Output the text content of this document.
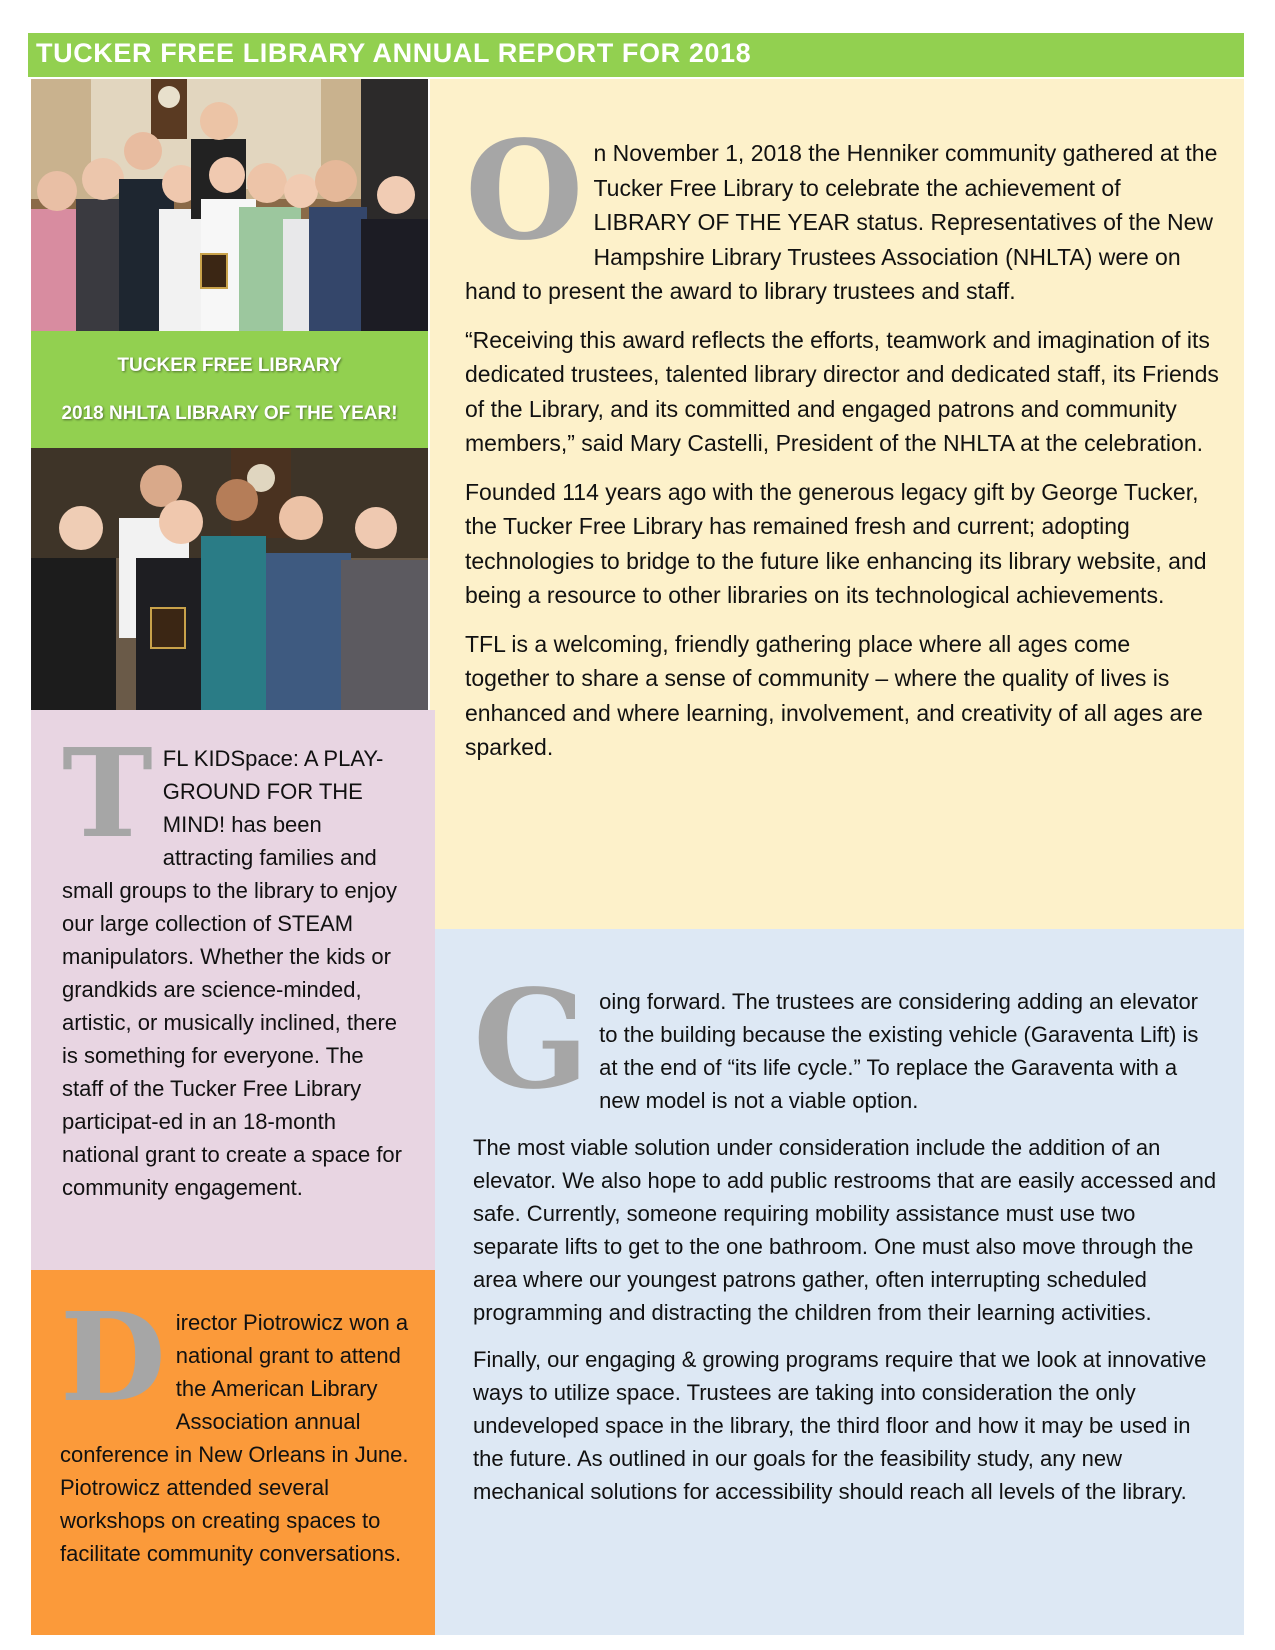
TUCKER FREE LIBRARY ANNUAL REPORT FOR 2018
TUCKER FREE LIBRARY
2018 NHLTA LIBRARY OF THE YEAR!
O n November 1, 2018 the Henniker community gathered at the Tucker Free Library to celebrate the achievement of LIBRARY OF THE YEAR status. Representatives of the New Hampshire Library Trustees Association (NHLTA) were on hand to present the award to library trustees and staff.

“Receiving this award reflects the efforts, teamwork and imagination of its dedicated trustees, talented library director and dedicated staff, its Friends of the Library, and its committed and engaged patrons and community members,” said Mary Castelli, President of the NHLTA at the celebration.

Founded 114 years ago with the generous legacy gift by George Tucker, the Tucker Free Library has remained fresh and current; adopting technologies to bridge to the future like enhancing its library website, and being a resource to other libraries on its technological achievements.

TFL is a welcoming, friendly gathering place where all ages come together to share a sense of community – where the quality of lives is enhanced and where learning, involvement, and creativity of all ages are sparked.

G oing forward. The trustees are considering adding an elevator to the building because the existing vehicle (Garaventa Lift) is at the end of “its life cycle.” To replace the Garaventa with a new model is not a viable option.

The most viable solution under consideration include the addition of an elevator. We also hope to add public restrooms that are easily accessed and safe. Currently, someone requiring mobility assistance must use two separate lifts to get to the one bathroom. One must also move through the area where our youngest patrons gather, often interrupting scheduled programming and distracting the children from their learning activities.

Finally, our engaging & growing programs require that we look at innovative ways to utilize space. Trustees are taking into consideration the only undeveloped space in the library, the third floor and how it may be used in the future. As outlined in our goals for the feasibility study, any new mechanical solutions for accessibility should reach all levels of the library.

T FL KIDSpace: A PLAY-GROUND FOR THE MIND! has been attracting families and small groups to the library to enjoy our large collection of STEAM manipulators. Whether the kids or grandkids are science-minded, artistic, or musically inclined, there is something for everyone. The staff of the Tucker Free Library participat-ed in an 18-month national grant to create a space for community engagement.

D irector Piotrowicz won a national grant to attend the American Library Association annual conference in New Orleans in June. Piotrowicz attended several workshops on creating spaces to facilitate community conversations.
